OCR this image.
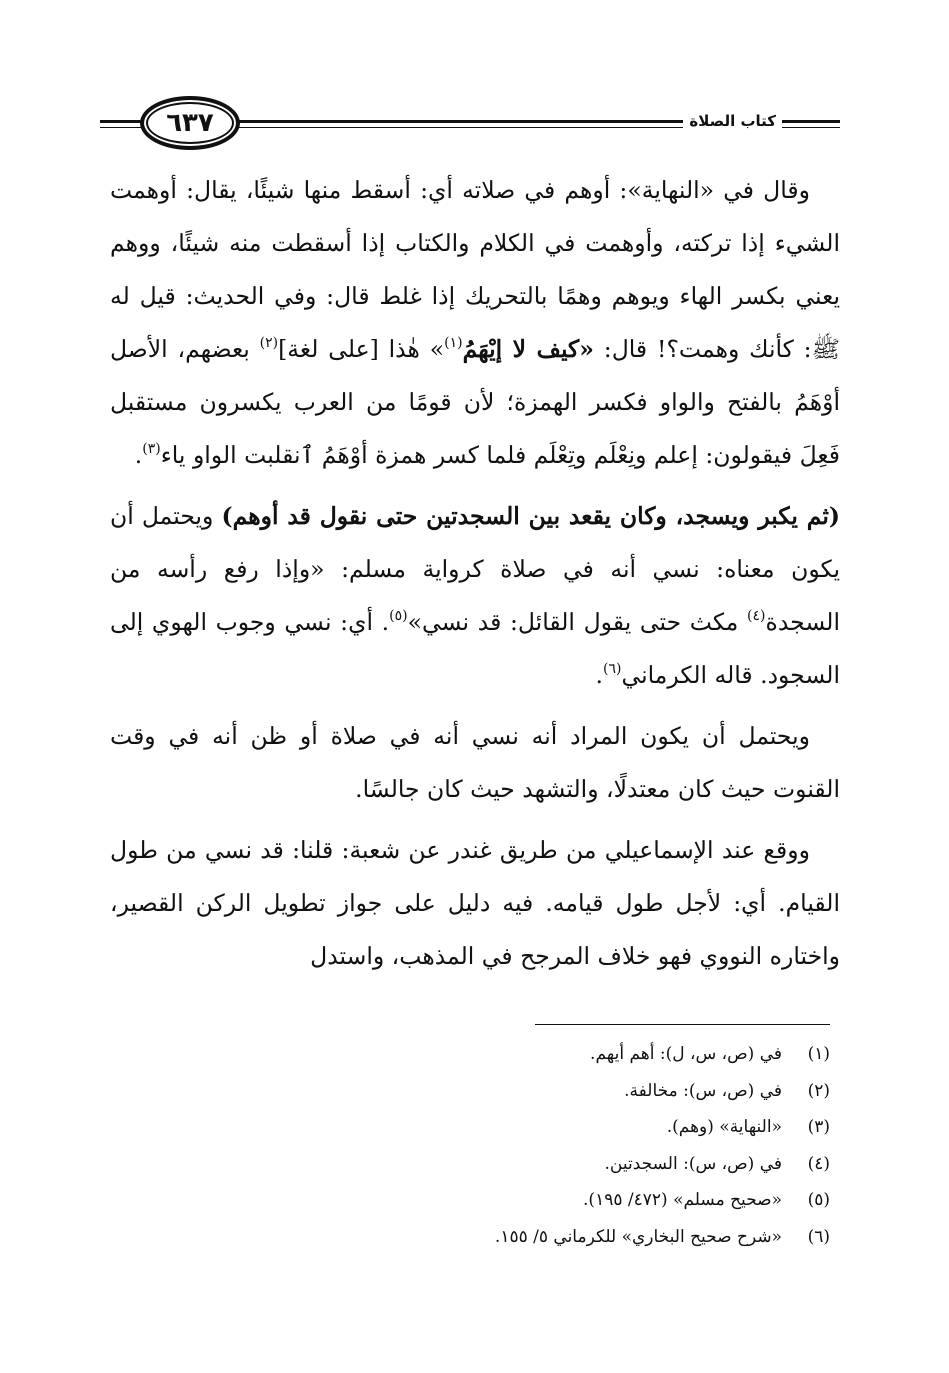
٦٣٧	كتاب الصلاة

وقال في «النهاية»: أوهم في صلاته أي: أسقط منها شيئًا، يقال: أوهمت الشيء إذا تركته، وأوهمت في الكلام والكتاب إذا أسقطت منه شيئًا، ووهم يعني بكسر الهاء ويوهم وهمًا بالتحريك إذا غلط قال: وفي الحديث: قيل له ﷺ: كأنك وهمت؟! قال: «كيف لا إيْهَمُ$^{(١)}$» هٰذا [على لغة]$^{(٢)}$ بعضهم، الأصل أوْهَمُ بالفتح والواو فكسر الهمزة؛ لأن قومًا من العرب يكسرون مستقبل فَعِلَ فيقولون: إعلم ونِعْلَم وتِعْلَم فلما كسر همزة أوْهَمُ ٱنقلبت الواو ياء$^{(٣)}$.

(ثم يكبر ويسجد، وكان يقعد بين السجدتين حتى نقول قد أوهم) ويحتمل أن يكون معناه: نسي أنه في صلاة كرواية مسلم: «وإذا رفع رأسه من السجدة$^{(٤)}$ مكث حتى يقول القائل: قد نسي»$^{(٥)}$. أي: نسي وجوب الهوي إلى السجود. قاله الكرماني$^{(٦)}$.

ويحتمل أن يكون المراد أنه نسي أنه في صلاة أو ظن أنه في وقت القنوت حيث كان معتدلًا، والتشهد حيث كان جالسًا.

ووقع عند الإسماعيلي من طريق غندر عن شعبة: قلنا: قد نسي من طول القيام. أي: لأجل طول قيامه. فيه دليل على جواز تطويل الركن القصير، واختاره النووي فهو خلاف المرجح في المذهب، واستدل

(١)
في (ص، س، ل): أهم أيهم.
(٢)
في (ص، س): مخالفة.
(٣)
«النهاية» (وهم).
(٤)
في (ص، س): السجدتين.
(٥)
«صحيح مسلم» (٤٧٢/ ١٩٥).
(٦)
«شرح صحيح البخاري» للكرماني ٥/ ١٥٥.
